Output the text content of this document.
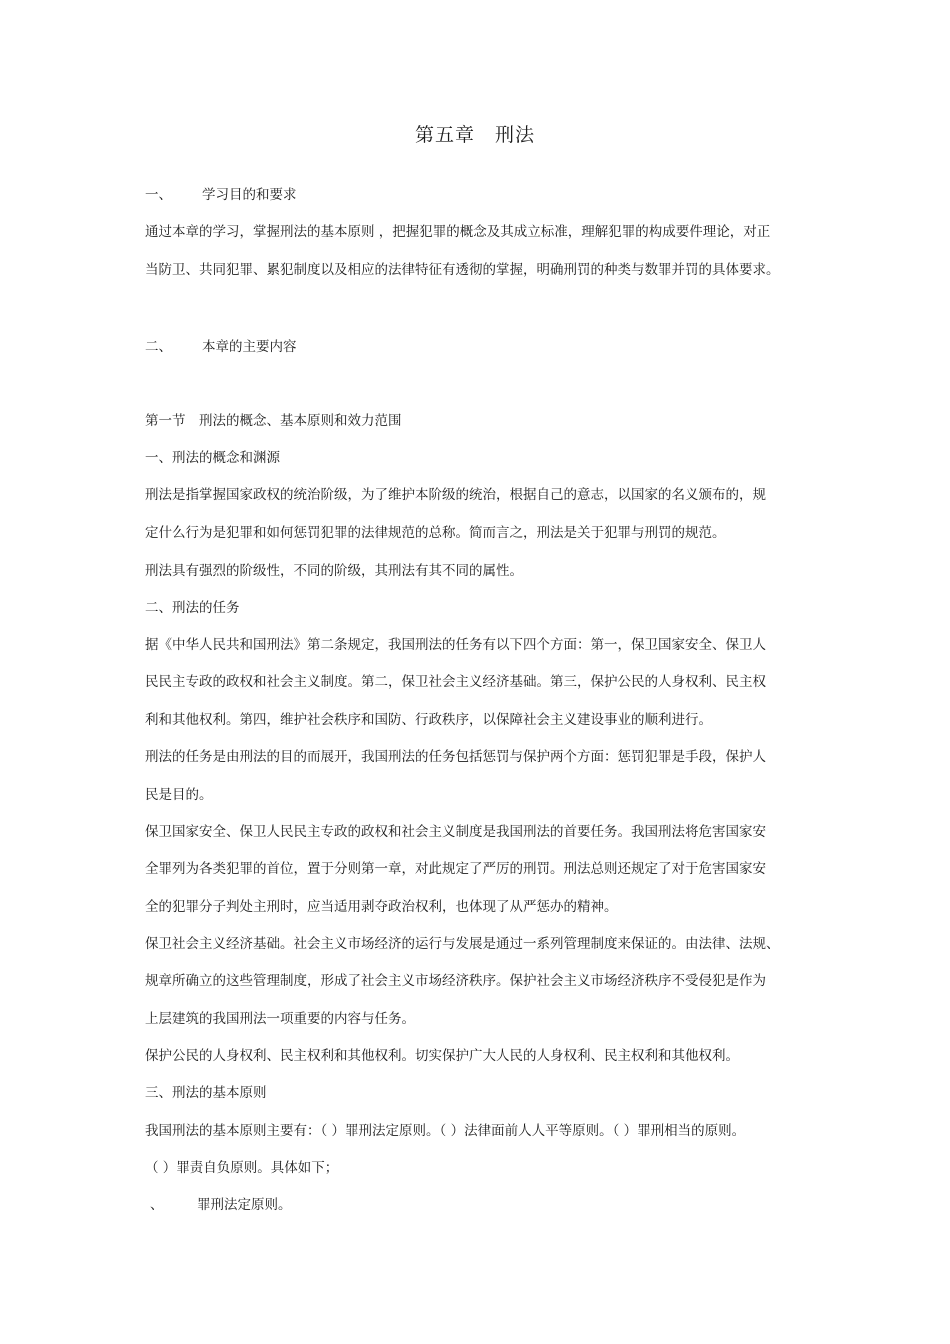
第五章　刑法
一、 学习目的和要求
通过本章的学习，掌握刑法的基本原则 ，把握犯罪的概念及其成立标准，理解犯罪的构成要件理论，对正
当防卫、共同犯罪、累犯制度以及相应的法律特征有透彻的掌握，明确刑罚的种类与数罪并罚的具体要求。
二、 本章的主要内容
第一节　刑法的概念、基本原则和效力范围
一、刑法的概念和渊源
刑法是指掌握国家政权的统治阶级，为了维护本阶级的统治，根据自己的意志，以国家的名义颁布的，规
定什么行为是犯罪和如何惩罚犯罪的法律规范的总称。简而言之，刑法是关于犯罪与刑罚的规范。
刑法具有强烈的阶级性，不同的阶级，其刑法有其不同的属性。
二、刑法的任务
据《中华人民共和国刑法》第二条规定，我国刑法的任务有以下四个方面：第一，保卫国家安全、保卫人
民民主专政的政权和社会主义制度。第二，保卫社会主义经济基础。第三，保护公民的人身权利、民主权
利和其他权利。第四，维护社会秩序和国防、行政秩序，以保障社会主义建设事业的顺利进行。
刑法的任务是由刑法的目的而展开，我国刑法的任务包括惩罚与保护两个方面：惩罚犯罪是手段，保护人
民是目的。
保卫国家安全、保卫人民民主专政的政权和社会主义制度是我国刑法的首要任务。我国刑法将危害国家安
全罪列为各类犯罪的首位，置于分则第一章，对此规定了严厉的刑罚。刑法总则还规定了对于危害国家安
全的犯罪分子判处主刑时，应当适用剥夺政治权利，也体现了从严惩办的精神。
保卫社会主义经济基础。社会主义市场经济的运行与发展是通过一系列管理制度来保证的。由法律、法规、
规章所确立的这些管理制度，形成了社会主义市场经济秩序。保护社会主义市场经济秩序不受侵犯是作为
上层建筑的我国刑法一项重要的内容与任务。
保护公民的人身权利、民主权利和其他权利。切实保护广大人民的人身权利、民主权利和其他权利。
三、刑法的基本原则
我国刑法的基本原则主要有：（ ）罪刑法定原则。（ ）法律面前人人平等原则。（ ）罪刑相当的原则。
（ ）罪责自负原则。具体如下；
、 罪刑法定原则。
